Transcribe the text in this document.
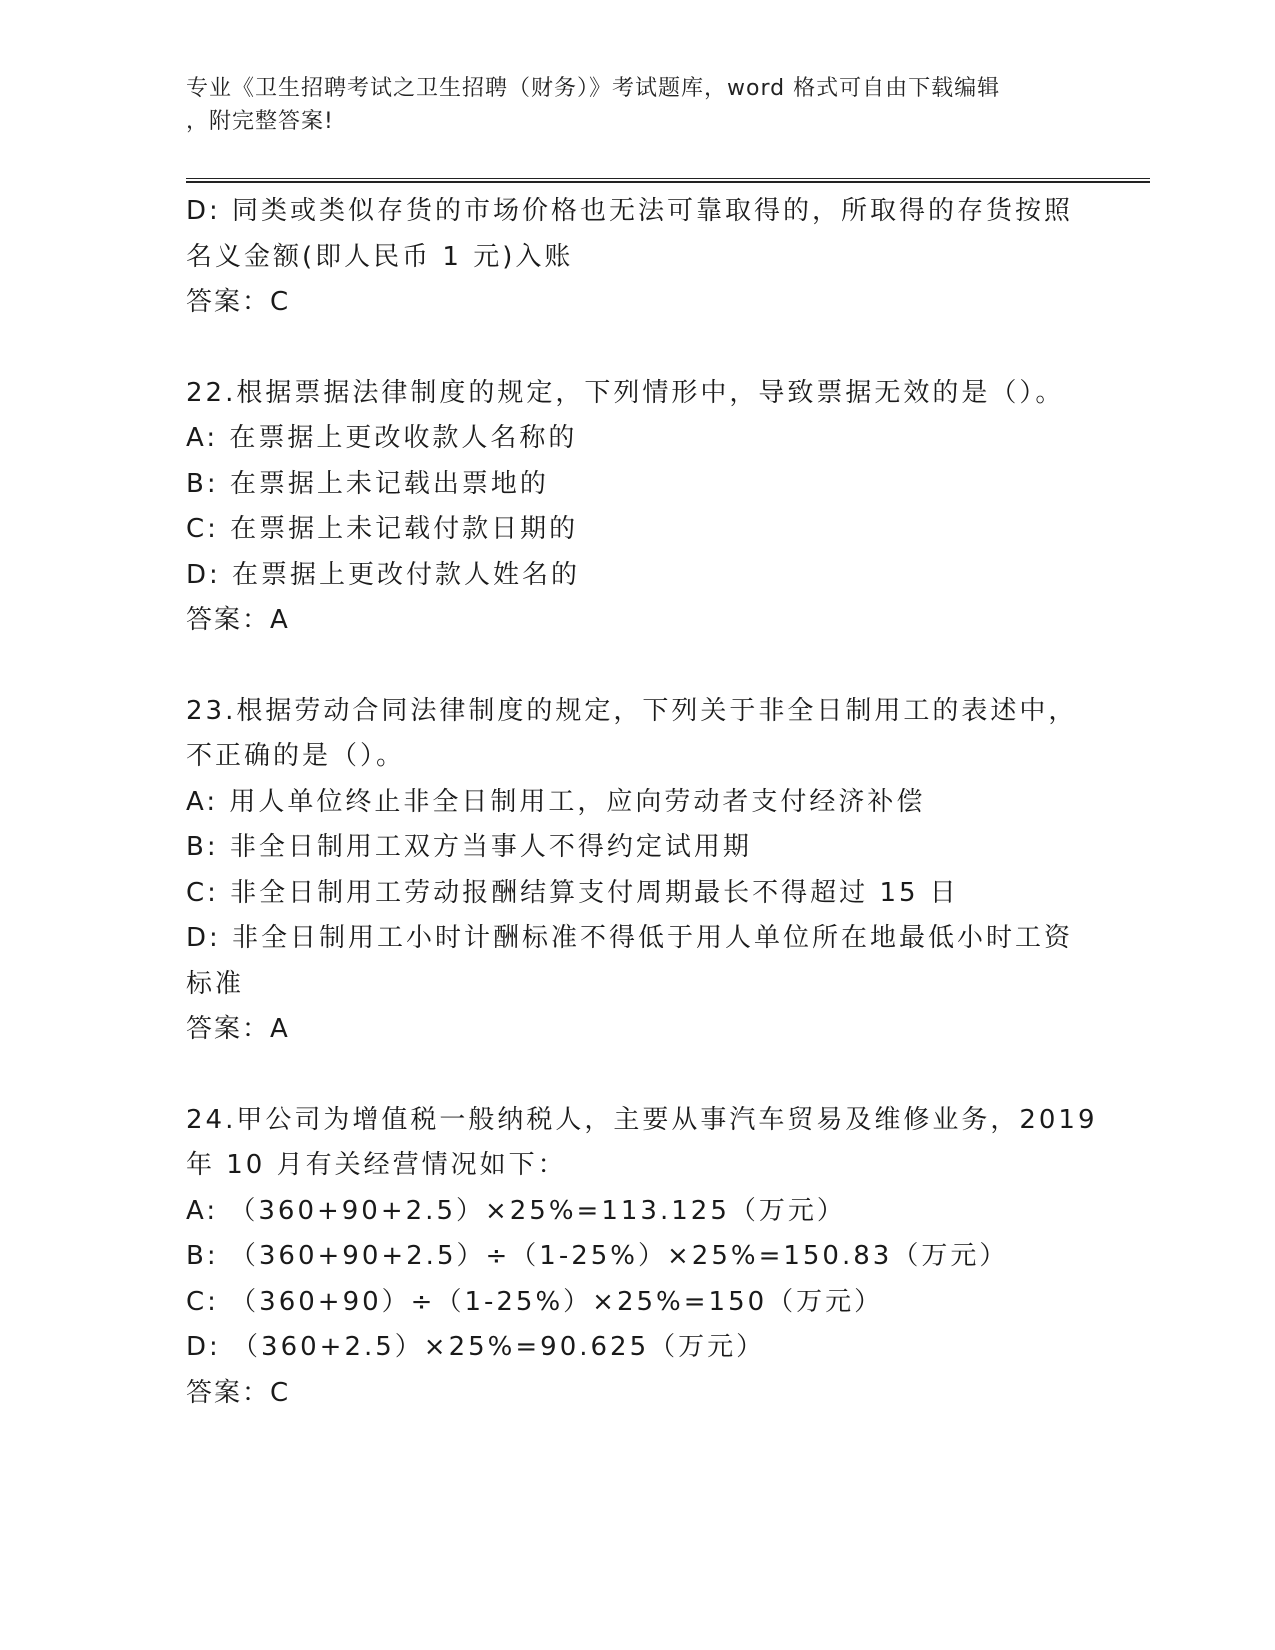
专业《卫生招聘考试之卫生招聘（财务）》考试题库，word 格式可自由下载编辑
，附完整答案!
D: 同类或类似存货的市场价格也无法可靠取得的，所取得的存货按照
名义金额(即人民币 1 元)入账
答案：C
22.根据票据法律制度的规定，下列情形中，导致票据无效的是（）。
A: 在票据上更改收款人名称的
B: 在票据上未记载出票地的
C: 在票据上未记载付款日期的
D: 在票据上更改付款人姓名的
答案：A
23.根据劳动合同法律制度的规定，下列关于非全日制用工的表述中，
不正确的是（）。
A: 用人单位终止非全日制用工，应向劳动者支付经济补偿
B: 非全日制用工双方当事人不得约定试用期
C: 非全日制用工劳动报酬结算支付周期最长不得超过 15 日
D: 非全日制用工小时计酬标准不得低于用人单位所在地最低小时工资
标准
答案：A
24.甲公司为增值税一般纳税人，主要从事汽车贸易及维修业务，2019
年 10 月有关经营情况如下：
A: （360+90+2.5）×25%=113.125（万元）
B: （360+90+2.5）÷（1-25%）×25%=150.83（万元）
C: （360+90）÷（1-25%）×25%=150（万元）
D: （360+2.5）×25%=90.625（万元）
答案：C
